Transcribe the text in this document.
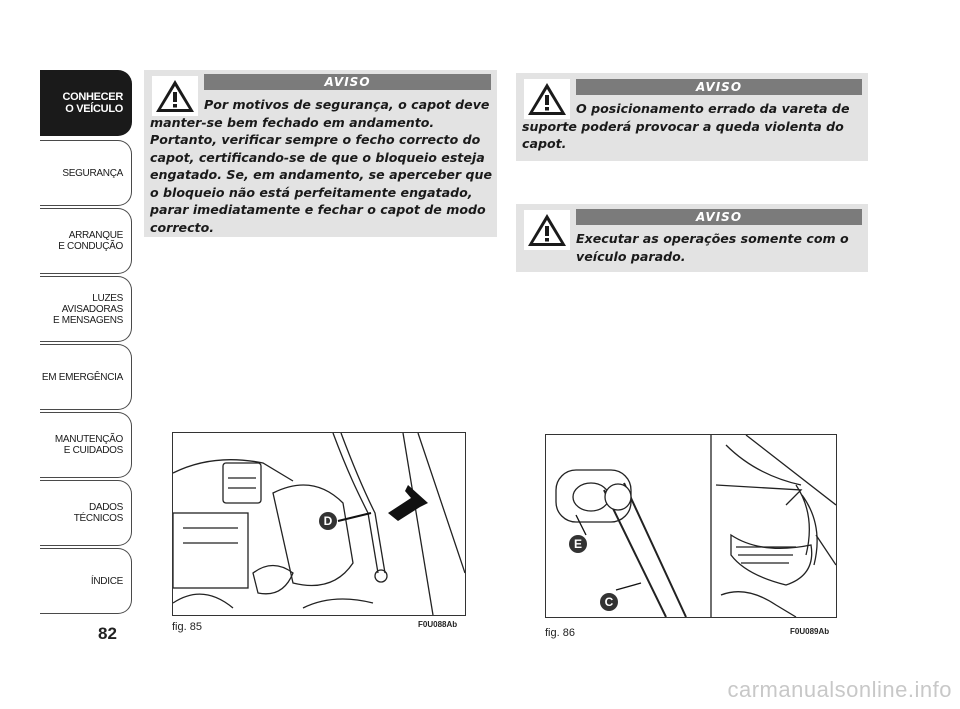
CONHECER
O VEÍCULO
SEGURANÇA
ARRANQUE
E CONDUÇÃO
LUZES
AVISADORAS
E MENSAGENS
EM EMERGÊNCIA
MANUTENÇÃO
E CUIDADOS
DADOS
TÉCNICOS
ÍNDICE
82
AVISO
Por motivos de segurança, o capot deve manter-se bem fechado em andamento. Portanto, verificar sempre o fecho correcto do capot, certificando-se de que o bloqueio esteja engatado. Se, em andamento, se aperceber que o bloqueio não está perfeitamente engatado, parar imediatamente e fechar o capot de modo correcto.
AVISO
O posicionamento errado da vareta de suporte poderá provocar a queda violenta do capot.
AVISO
Executar as operações somente com o veículo parado.
D
fig. 85	F0U088Ab
E
C
fig. 86	F0U089Ab
carmanualsonline.info
